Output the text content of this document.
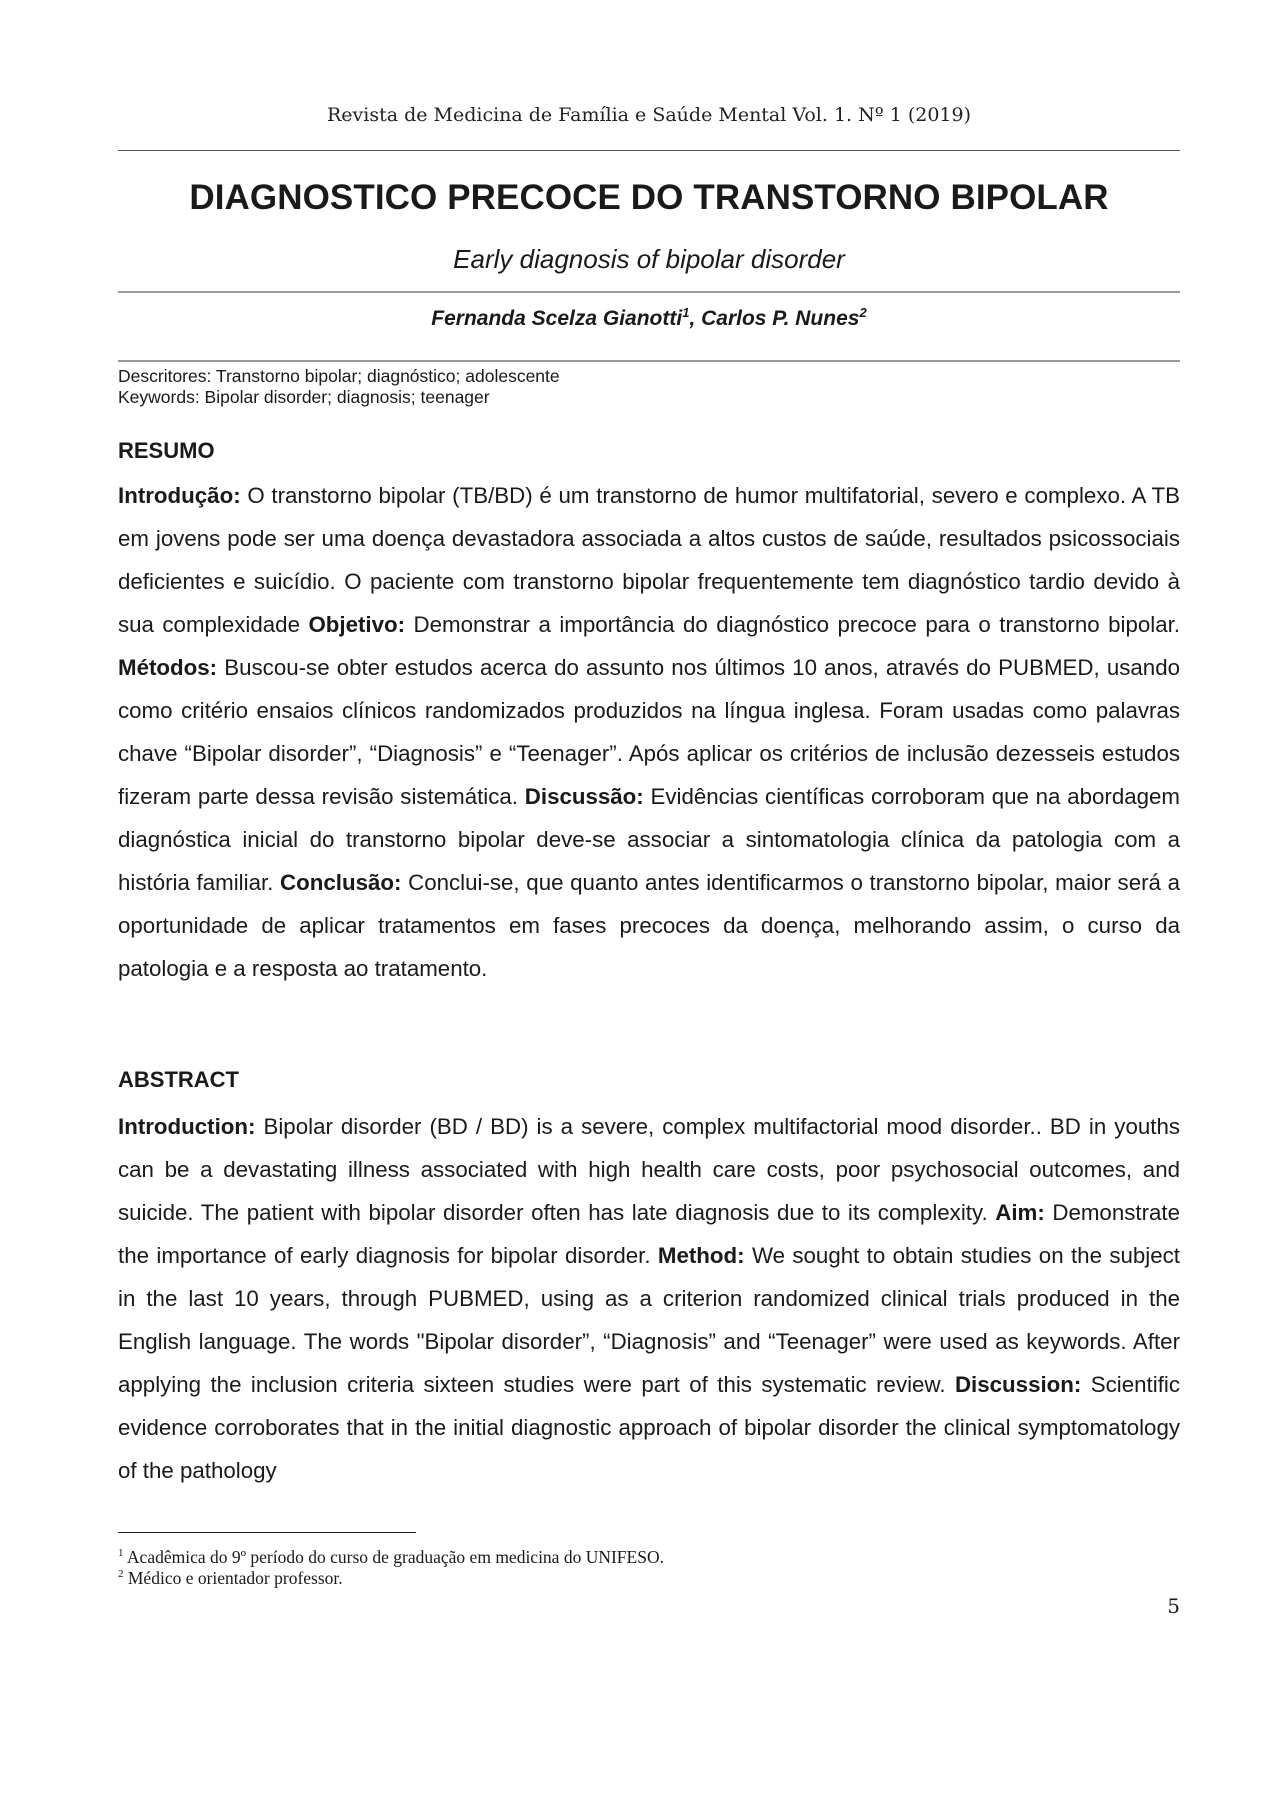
Revista de Medicina de Família e Saúde Mental Vol. 1. Nº 1 (2019)
DIAGNOSTICO PRECOCE DO TRANSTORNO BIPOLAR
Early diagnosis of bipolar disorder
Fernanda Scelza Gianotti$^1$, Carlos P. Nunes$^2$
Descritores: Transtorno bipolar; diagnóstico; adolescente
Keywords: Bipolar disorder; diagnosis; teenager
RESUMO

Introdução: O transtorno bipolar (TB/BD) é um transtorno de humor multifatorial, severo e complexo. A TB em jovens pode ser uma doença devastadora associada a altos custos de saúde, resultados psicossociais deficientes e suicídio. O paciente com transtorno bipolar frequentemente tem diagnóstico tardio devido à sua complexidade Objetivo: Demonstrar a importância do diagnóstico precoce para o transtorno bipolar. Métodos: Buscou-se obter estudos acerca do assunto nos últimos 10 anos, através do PUBMED, usando como critério ensaios clínicos randomizados produzidos na língua inglesa. Foram usadas como palavras chave “Bipolar disorder”, “Diagnosis” e “Teenager”. Após aplicar os critérios de inclusão dezesseis estudos fizeram parte dessa revisão sistemática. Discussão: Evidências científicas corroboram que na abordagem diagnóstica inicial do transtorno bipolar deve-se associar a sintomatologia clínica da patologia com a história familiar. Conclusão: Conclui-se, que quanto antes identificarmos o transtorno bipolar, maior será a oportunidade de aplicar tratamentos em fases precoces da doença, melhorando assim, o curso da patologia e a resposta ao tratamento.

ABSTRACT

Introduction: Bipolar disorder (BD / BD) is a severe, complex multifactorial mood disorder.. BD in youths can be a devastating illness associated with high health care costs, poor psychosocial outcomes, and suicide. The patient with bipolar disorder often has late diagnosis due to its complexity. Aim: Demonstrate the importance of early diagnosis for bipolar disorder. Method: We sought to obtain studies on the subject in the last 10 years, through PUBMED, using as a criterion randomized clinical trials produced in the English language. The words "Bipolar disorder”, “Diagnosis” and “Teenager” were used as keywords. After applying the inclusion criteria sixteen studies were part of this systematic review. Discussion: Scientific evidence corroborates that in the initial diagnostic approach of bipolar disorder the clinical symptomatology of the pathology

$^1$ Acadêmica do 9º período do curso de graduação em medicina do UNIFESO.
$^2$ Médico e orientador professor.
5
